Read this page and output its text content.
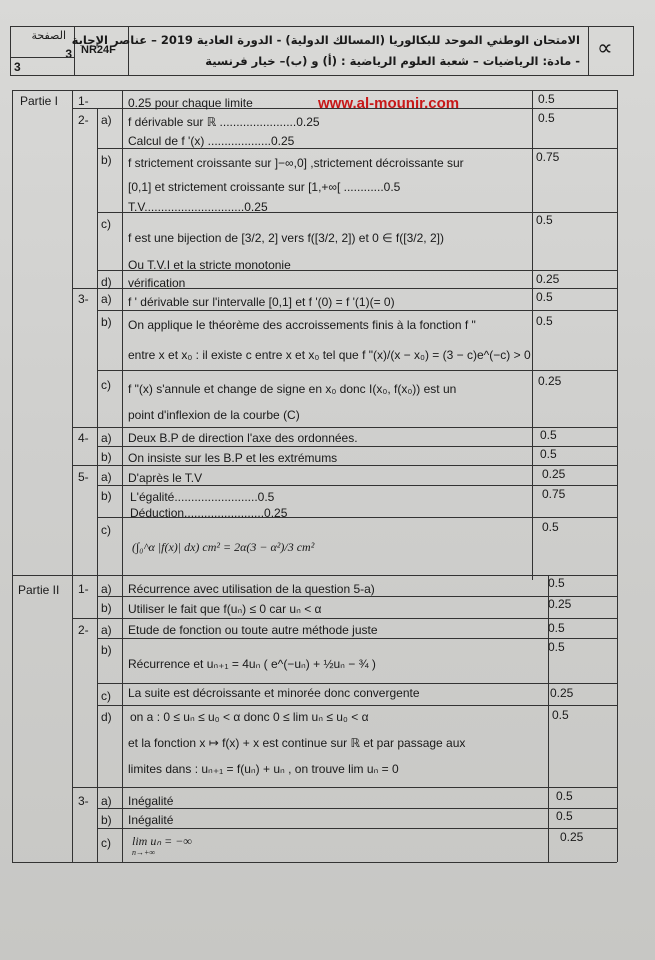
الصفحة
3
3
NR24F
الامتحان الوطني الموحد للبكالوريا (المسالك الدولية) - الدورة العادية 2019 – عناصر الإجابة
- مادة: الرياضيات – شعبة العلوم الرياضية : (أ) و (ب)– خيار فرنسية
∝
www.al-mounir.com
Partie I
Partie II
1-	0.25 pour chaque limite	0.5
2- a) f dérivable sur ℝ .......................0.25
Calcul de f '(x) ...................0.25
0.5
b) f strictement croissante sur ]−∞,0] ,strictement décroissante sur
[0,1] et strictement croissante sur [1,+∞[ ............0.5
T.V..............................0.25
0.75
c)
f est une bijection de [3/2, 2] vers f([3/2, 2]) et 0 ∈ f([3/2, 2])
Ou T.V.I et la stricte monotonie
0.5
d) vérification	0.25
3- a) f ' dérivable sur l'intervalle [0,1] et f '(0) = f '(1)(= 0)	0.5
b) On applique le théorème des accroissements finis à la fonction f "
entre x et x₀ : il existe c entre x et x₀ tel que f "(x)/(x − x₀) = (3 − c)e^(−c) > 0
0.5
c) f "(x) s'annule et change de signe en x₀ donc I(x₀, f(x₀)) est un
point d'inflexion de la courbe (C)
0.25
4- a) Deux B.P de direction l'axe des ordonnées.	0.5
b) On insiste sur les B.P et les extrémums	0.5
5- a) D'après le T.V	0.25
b) L'égalité.........................0.5
Déduction........................0.25
0.75
c)
(∫₀^α |f(x)| dx) cm² = 2α(3 − α²)/3 cm²
0.5
1- a) Récurrence avec utilisation de la question 5-a)	0.5
b) Utiliser le fait que f(uₙ) ≤ 0 car uₙ < α	0.25
2- a) Etude de fonction ou toute autre méthode juste	0.5
b)
Récurrence et uₙ₊₁ = 4uₙ ( e^(−uₙ) + ½uₙ − ¾ )
0.5
c) La suite est décroissante et minorée donc convergente	0.25
d) on a : 0 ≤ uₙ ≤ u₀ < α donc 0 ≤ lim uₙ ≤ u₀ < α
et la fonction x ↦ f(x) + x est continue sur ℝ et par passage aux
limites dans : uₙ₊₁ = f(uₙ) + uₙ , on trouve lim uₙ = 0
0.5
3- a) Inégalité	0.5
b) Inégalité	0.5
c) lim uₙ = −∞
n→+∞
0.25
